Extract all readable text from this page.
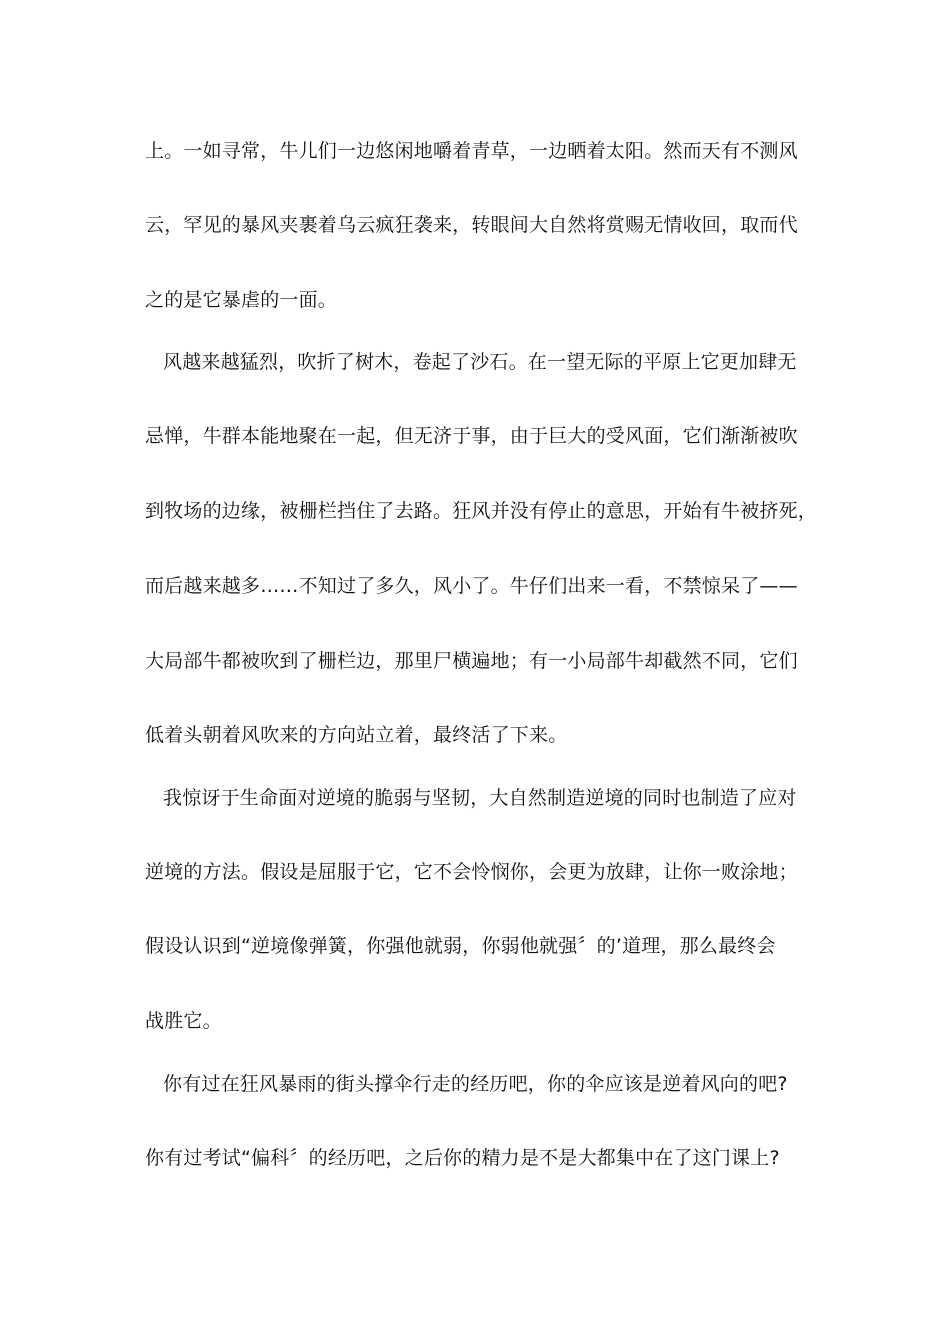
上。一如寻常，牛儿们一边悠闲地嚼着青草，一边晒着太阳。然而天有不测风
云，罕见的暴风夹裹着乌云疯狂袭来，转眼间大自然将赏赐无情收回，取而代
之的是它暴虐的一面。
风越来越猛烈，吹折了树木，卷起了沙石。在一望无际的平原上它更加肆无
忌惮，牛群本能地聚在一起，但无济于事，由于巨大的受风面，它们渐渐被吹
到牧场的边缘，被栅栏挡住了去路。狂风并没有停止的意思，开始有牛被挤死，
而后越来越多……不知过了多久，风小了。牛仔们出来一看，不禁惊呆了——
大局部牛都被吹到了栅栏边，那里尸横遍地；有一小局部牛却截然不同，它们
低着头朝着风吹来的方向站立着，最终活了下来。
我惊讶于生命面对逆境的脆弱与坚韧，大自然制造逆境的同时也制造了应对
逆境的方法。假设是屈服于它，它不会怜悯你，会更为放肆，让你一败涂地；
假设认识到“逆境像弹簧，你强他就弱，你弱他就强〞的’道理，那么最终会
战胜它。
你有过在狂风暴雨的街头撑伞行走的经历吧，你的伞应该是逆着风向的吧?
你有过考试“偏科〞的经历吧，之后你的精力是不是大都集中在了这门课上?
